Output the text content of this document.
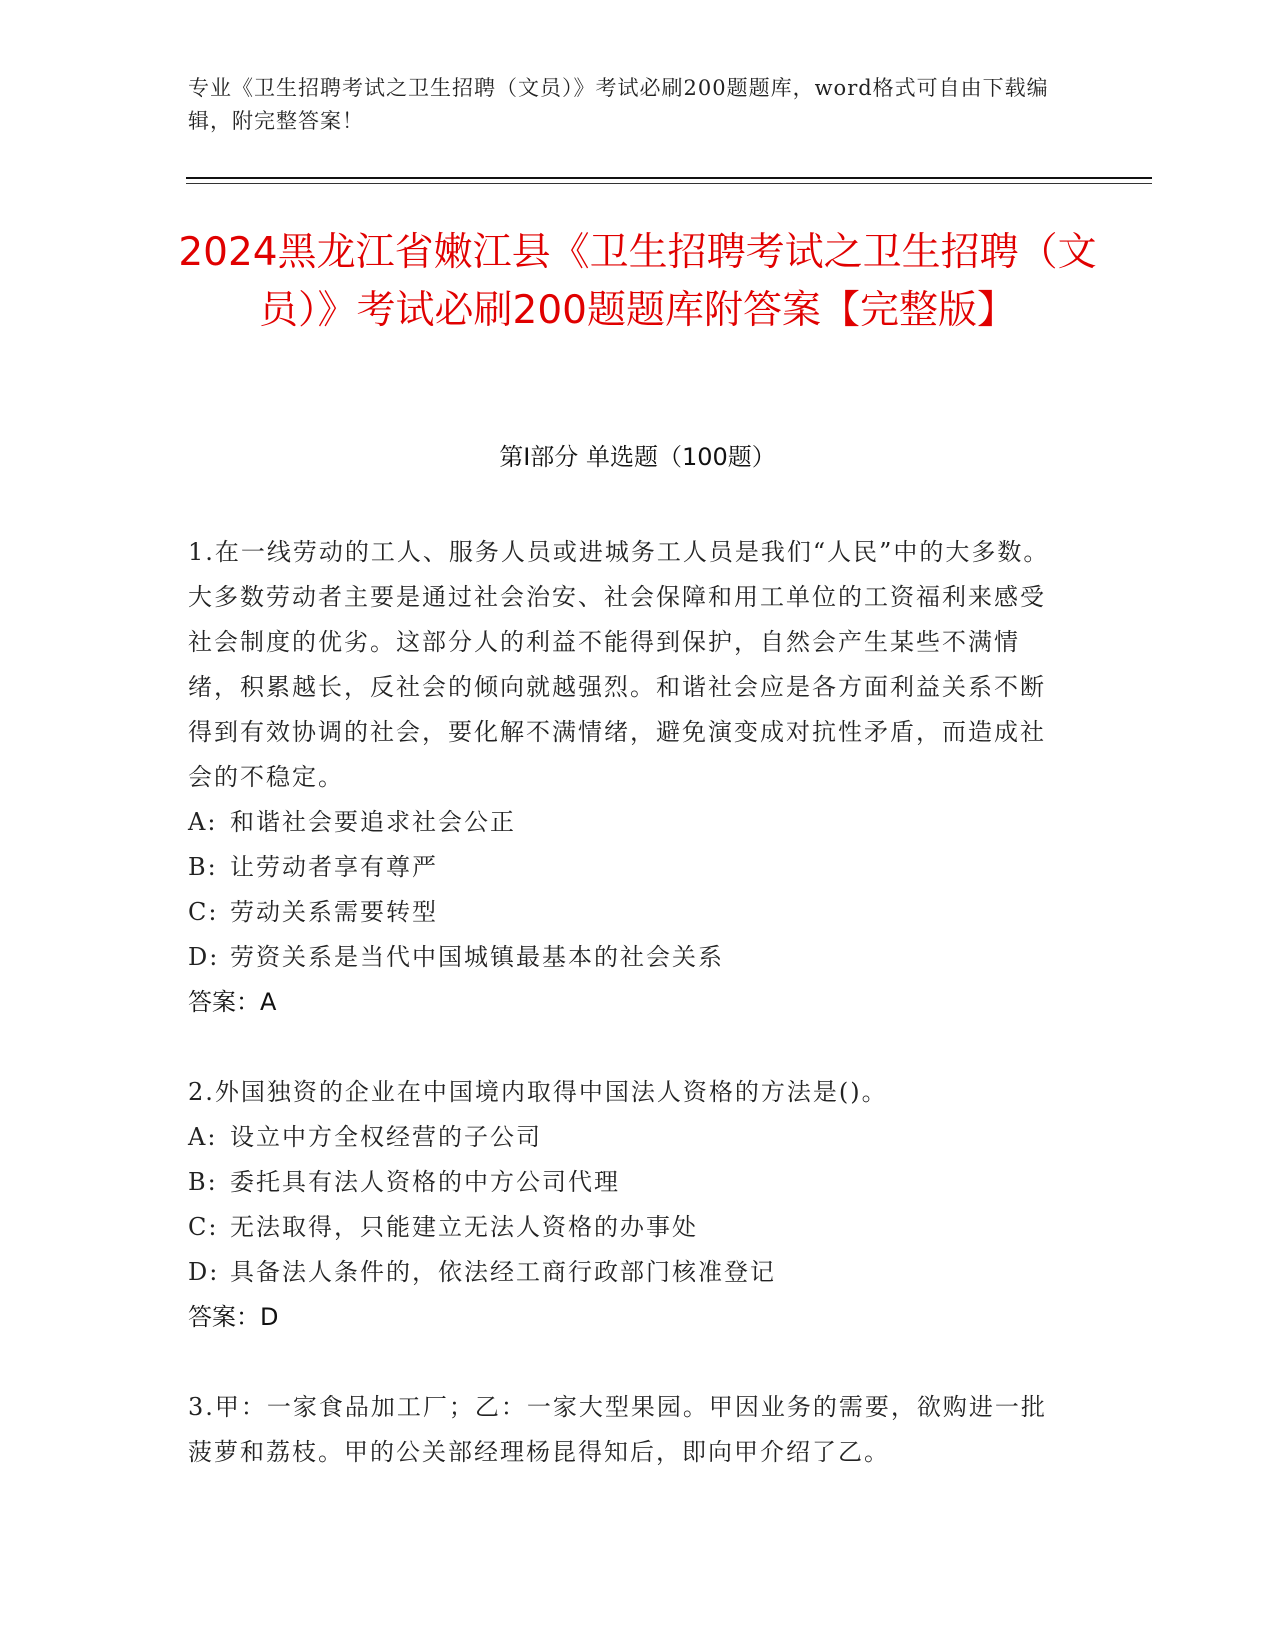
专业《卫生招聘考试之卫生招聘（文员）》考试必刷200题题库，word格式可自由下载编辑，附完整答案！
2024黑龙江省嫩江县《卫生招聘考试之卫生招聘（文员）》考试必刷200题题库附答案【完整版】
第I部分 单选题（100题）

1.在一线劳动的工人、服务人员或进城务工人员是我们“人民”中的大多数。大多数劳动者主要是通过社会治安、社会保障和用工单位的工资福利来感受社会制度的优劣。这部分人的利益不能得到保护，自然会产生某些不满情绪，积累越长，反社会的倾向就越强烈。和谐社会应是各方面利益关系不断得到有效协调的社会，要化解不满情绪，避免演变成对抗性矛盾，而造成社会的不稳定。

A: 和谐社会要追求社会公正

B: 让劳动者享有尊严

C: 劳动关系需要转型

D: 劳资关系是当代中国城镇最基本的社会关系

答案：A

2.外国独资的企业在中国境内取得中国法人资格的方法是()。

A: 设立中方全权经营的子公司

B: 委托具有法人资格的中方公司代理

C: 无法取得，只能建立无法人资格的办事处

D: 具备法人条件的，依法经工商行政部门核准登记

答案：D

3.甲：一家食品加工厂；乙：一家大型果园。甲因业务的需要，欲购进一批菠萝和荔枝。甲的公关部经理杨昆得知后，即向甲介绍了乙。
